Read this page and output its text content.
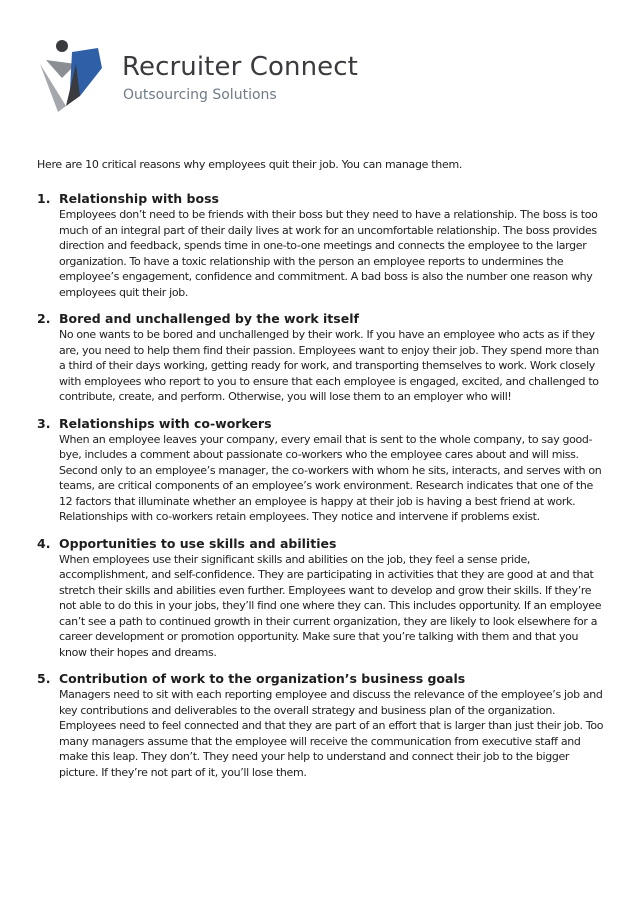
Recruiter Connect
Outsourcing Solutions
Here are 10 critical reasons why employees quit their job. You can manage them.
1. Relationship with boss
Employees don’t need to be friends with their boss but they need to have a relationship. The boss is too much of an integral part of their daily lives at work for an uncomfortable relationship. The boss provides direction and feedback, spends time in one-to-one meetings and connects the employee to the larger organization. To have a toxic relationship with the person an employee reports to undermines the employee’s engagement, confidence and commitment. A bad boss is also the number one reason why employees quit their job.
2. Bored and unchallenged by the work itself
No one wants to be bored and unchallenged by their work. If you have an employee who acts as if they are, you need to help them find their passion. Employees want to enjoy their job. They spend more than a third of their days working, getting ready for work, and transporting themselves to work. Work closely with employees who report to you to ensure that each employee is engaged, excited, and challenged to contribute, create, and perform. Otherwise, you will lose them to an employer who will!
3. Relationships with co-workers
When an employee leaves your company, every email that is sent to the whole company, to say good-bye, includes a comment about passionate co-workers who the employee cares about and will miss. Second only to an employee’s manager, the co-workers with whom he sits, interacts, and serves with on teams, are critical components of an employee’s work environment. Research indicates that one of the 12 factors that illuminate whether an employee is happy at their job is having a best friend at work. Relationships with co-workers retain employees. They notice and intervene if problems exist.
4. Opportunities to use skills and abilities
When employees use their significant skills and abilities on the job, they feel a sense pride, accomplishment, and self-confidence. They are participating in activities that they are good at and that stretch their skills and abilities even further. Employees want to develop and grow their skills. If they’re not able to do this in your jobs, they’ll find one where they can. This includes opportunity. If an employee can’t see a path to continued growth in their current organization, they are likely to look elsewhere for a career development or promotion opportunity. Make sure that you’re talking with them and that you know their hopes and dreams.
5. Contribution of work to the organization’s business goals
Managers need to sit with each reporting employee and discuss the relevance of the employee’s job and key contributions and deliverables to the overall strategy and business plan of the organization. Employees need to feel connected and that they are part of an effort that is larger than just their job. Too many managers assume that the employee will receive the communication from executive staff and make this leap. They don’t. They need your help to understand and connect their job to the bigger picture. If they’re not part of it, you’ll lose them.
